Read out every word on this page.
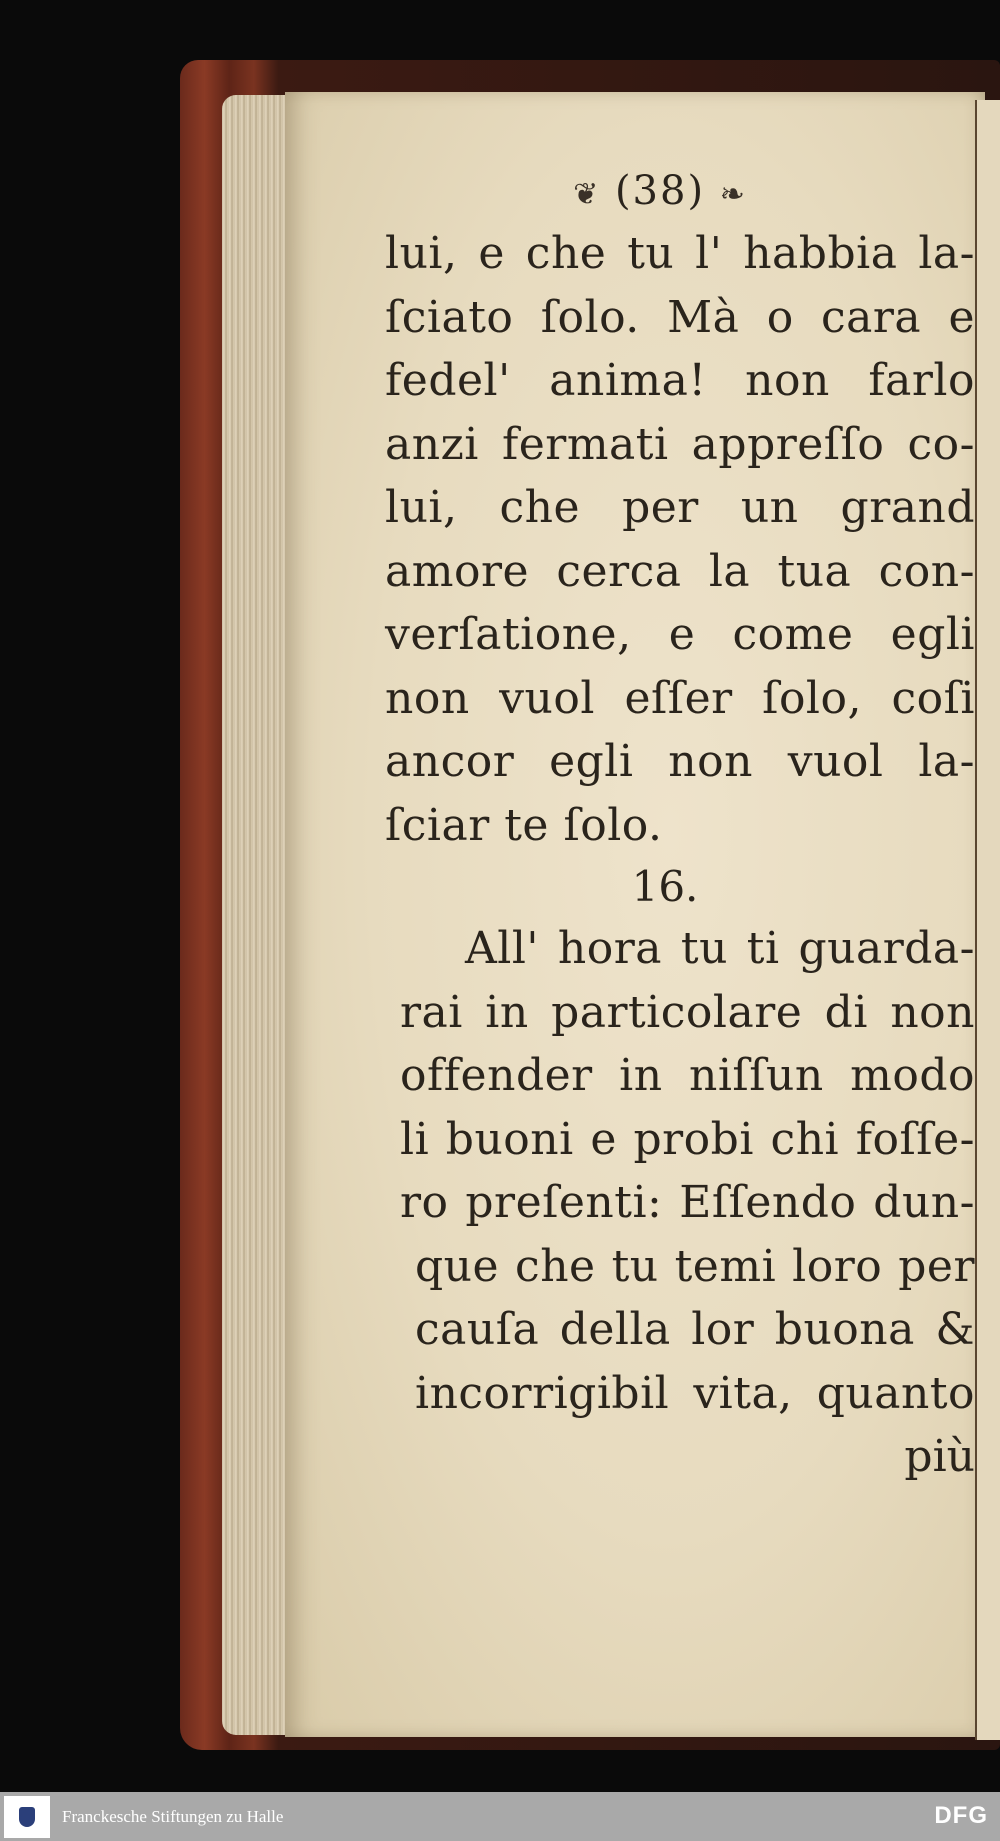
❦ (38) ❧
lui, e che tu l' habbia la-
ſciato ſolo. Mà o cara e
fedel' anima! non farlo
anzi fermati appreſſo co-
lui, che per un grand
amore cerca la tua con-
verſatione, e come egli
non vuol eſſer ſolo, coſi
ancor egli non vuol la-
ſciar te ſolo.
16.
All' hora tu ti guarda-
rai in particolare di non
offender in niſſun modo
li buoni e probi chi foſſe-
ro preſenti: Eſſendo dun-
que che tu temi loro per
cauſa della lor buona &
incorrigibil vita, quanto
più
Franckesche Stiftungen zu Halle	DFG
